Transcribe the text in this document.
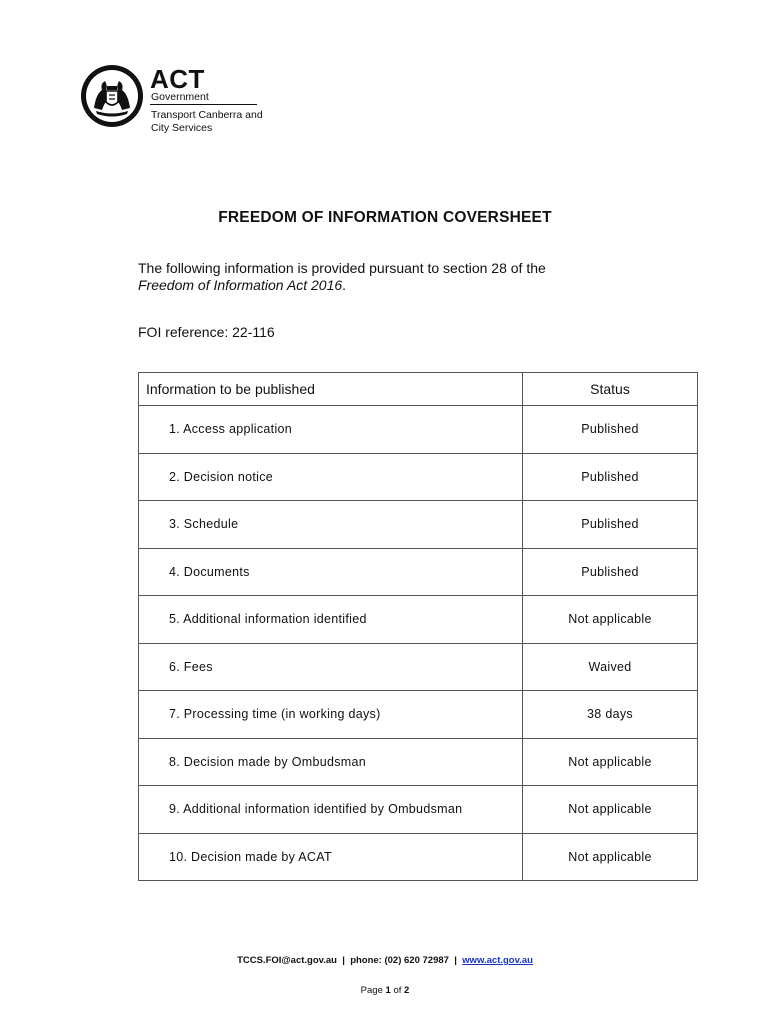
ACT
Government
Transport Canberra and
City Services
FREEDOM OF INFORMATION COVERSHEET
The following information is provided pursuant to section 28 of the
Freedom of Information Act 2016.
FOI reference: 22-116
Information to be published	Status
1. Access application	Published
2. Decision notice	Published
3. Schedule	Published
4. Documents	Published
5. Additional information identified	Not applicable
6. Fees	Waived
7. Processing time (in working days)	38 days
8. Decision made by Ombudsman	Not applicable
9. Additional information identified by Ombudsman	Not applicable
10. Decision made by ACAT	Not applicable
TCCS.FOI@act.gov.au | phone: (02) 620 72987 | www.act.gov.au
Page 1 of 2
